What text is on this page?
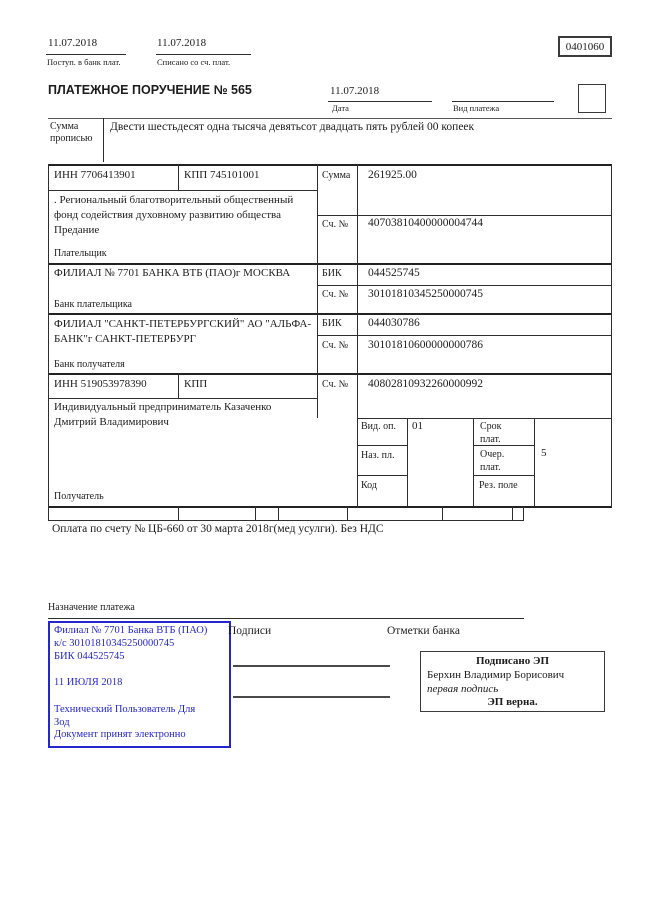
11.07.2018
Поступ. в банк плат.
11.07.2018
Списано со сч. плат.
0401060
ПЛАТЕЖНОЕ ПОРУЧЕНИЕ № 565	11.07.2018
Дата	Вид платежа
Сумма прописью
Двести шестьдесят одна тысяча девятьсот двадцать пять рублей 00 копеек
ИНН 7706413901	КПП 745101001	Сумма 261925.00
. Региональный благотворительный общественный фонд содействия духовному развитию общества Предание	Сч. № 40703810400000004744
Плательщик
ФИЛИАЛ № 7701 БАНКА ВТБ (ПАО)г МОСКВА	БИК 044525745
Сч. № 30101810345250000745
Банк плательщика
ФИЛИАЛ "САНКТ-ПЕТЕРБУРГСКИЙ" АО "АЛЬФА-БАНК"г САНКТ-ПЕТЕРБУРГ
БИК 044030786
Сч. № 30101810600000000786
Банк получателя
ИНН 519053978390	КПП	Сч. № 40802810932260000992
Индивидуальный предприниматель Казаченко Дмитрий Владимирович
Получатель
Вид. оп. 01	Срок плат.
Наз. пл.	Очер. плат.
5
Код	Рез. поле
Оплата по счету № ЦБ-660 от 30 марта 2018г(мед усулги). Без НДС
Назначение платежа
Филиал № 7701 Банка ВТБ (ПАО)
к/с 30101810345250000745
БИК 044525745
11 ИЮЛЯ 2018
Технический Пользователь Для Зод
Документ принят электронно
Подписи	Отметки банка
Подписано ЭП
Берхин Владимир Борисович
первая подпись
ЭП верна.
